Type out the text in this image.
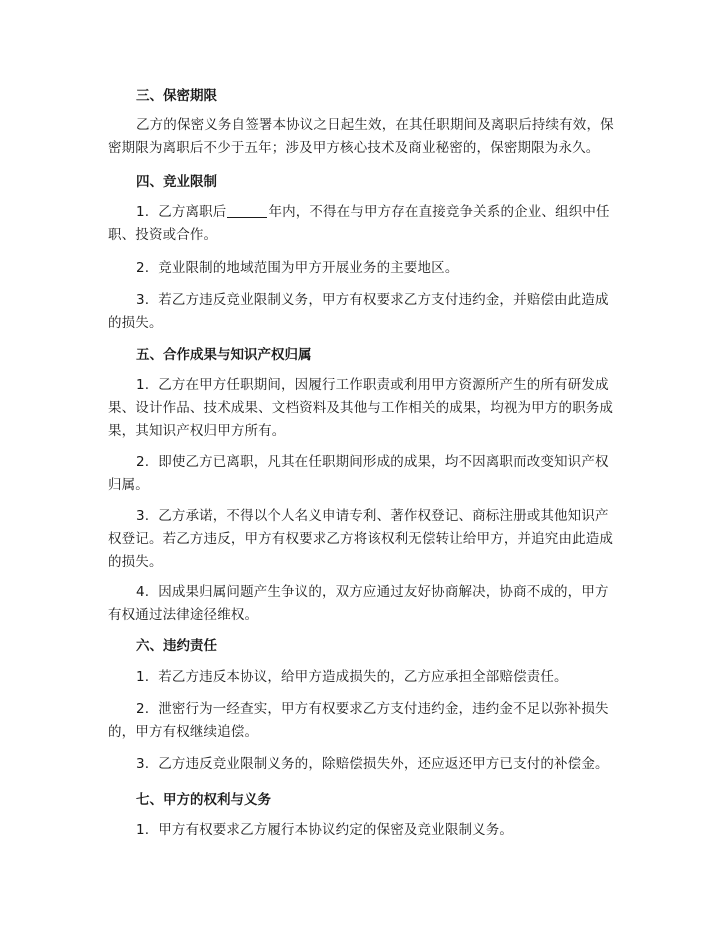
三、保密期限

乙方的保密义务自签署本协议之日起生效，在其任职期间及离职后持续有效，保密期限为离职后不少于五年；涉及甲方核心技术及商业秘密的，保密期限为永久。

四、竞业限制

1. 乙方离职后	年内，不得在与甲方存在直接竞争关系的企业、组织中任职、投资或合作。

2. 竞业限制的地域范围为甲方开展业务的主要地区。

3. 若乙方违反竞业限制义务，甲方有权要求乙方支付违约金，并赔偿由此造成的损失。

五、合作成果与知识产权归属

1. 乙方在甲方任职期间，因履行工作职责或利用甲方资源所产生的所有研发成果、设计作品、技术成果、文档资料及其他与工作相关的成果，均视为甲方的职务成果，其知识产权归甲方所有。

2. 即使乙方已离职，凡其在任职期间形成的成果，均不因离职而改变知识产权归属。

3. 乙方承诺，不得以个人名义申请专利、著作权登记、商标注册或其他知识产权登记。若乙方违反，甲方有权要求乙方将该权利无偿转让给甲方，并追究由此造成的损失。

4. 因成果归属问题产生争议的，双方应通过友好协商解决，协商不成的，甲方有权通过法律途径维权。

六、违约责任

1. 若乙方违反本协议，给甲方造成损失的，乙方应承担全部赔偿责任。

2. 泄密行为一经查实，甲方有权要求乙方支付违约金，违约金不足以弥补损失的，甲方有权继续追偿。

3. 乙方违反竞业限制义务的，除赔偿损失外，还应返还甲方已支付的补偿金。

七、甲方的权利与义务

1. 甲方有权要求乙方履行本协议约定的保密及竞业限制义务。
